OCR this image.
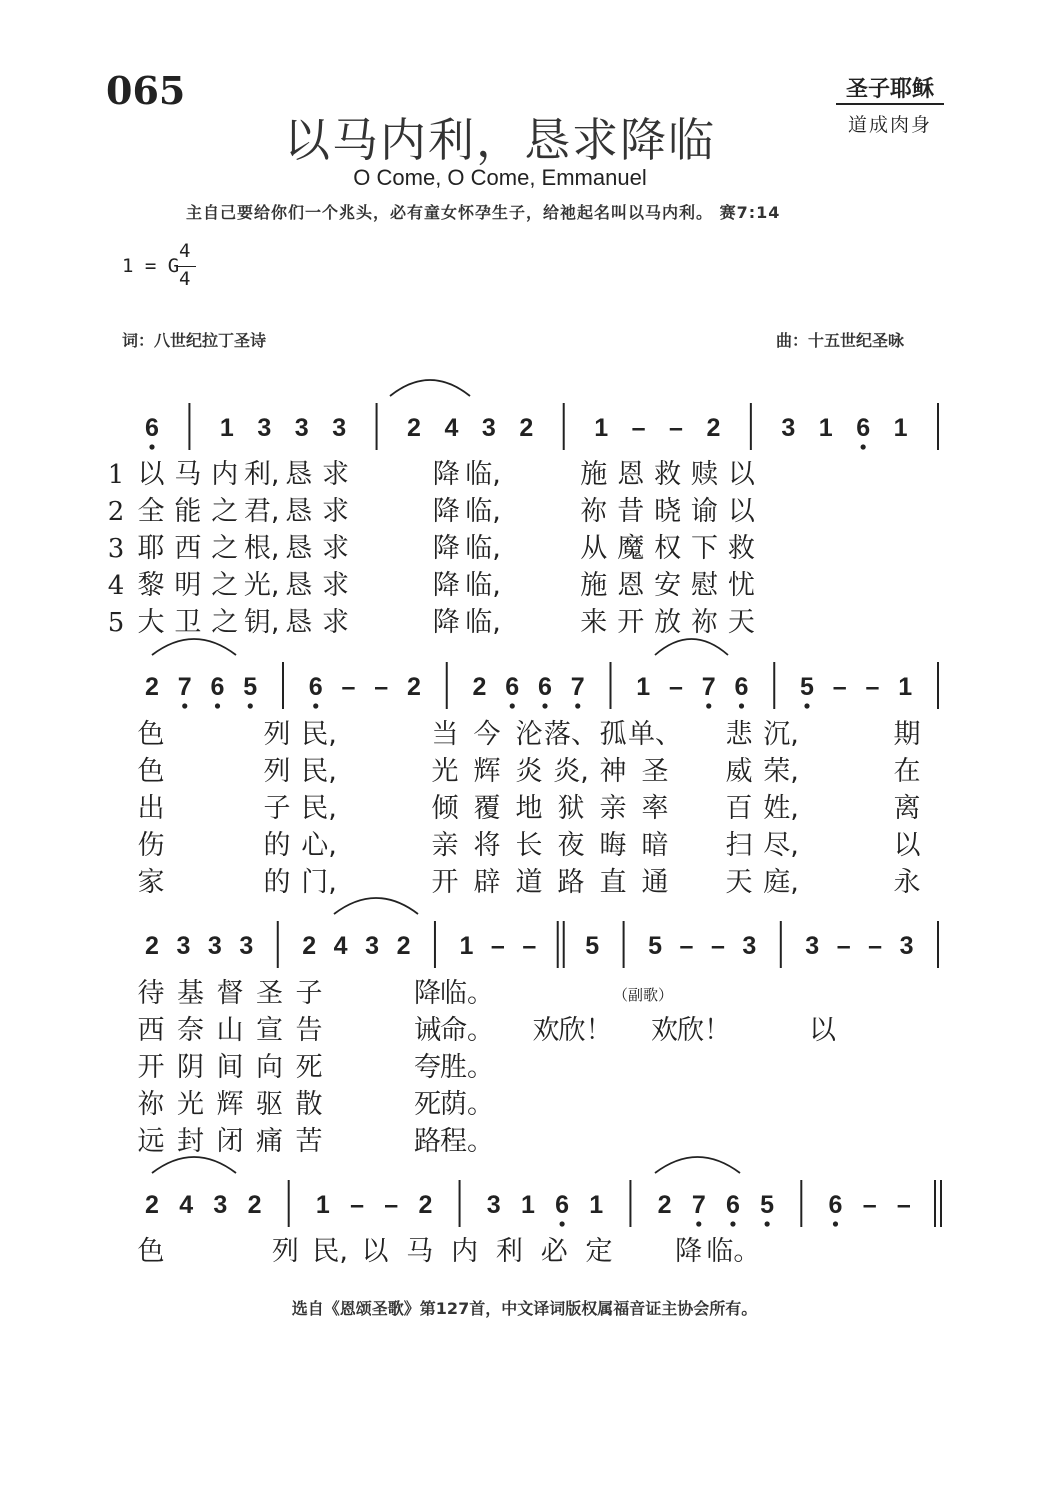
065	圣子耶稣
道成肉身
以马内利，恳求降临
O Come, O Come, Emmanuel
主自己要给你们一个兆头，必有童女怀孕生子，给祂起名叫以马内利。 赛7:14
1 = G
4
4
词：八世纪拉丁圣诗	曲：十五世纪圣咏
6 1 3 3 3 2 4 3 2 1 – – 2 3 1 6 1
1 以 马 内 利, 恳 求	降 临,	施 恩 救 赎 以
2 全 能 之 君, 恳 求	降 临,	祢 昔 晓 谕 以
3 耶 西 之 根, 恳 求	降 临,	从 魔 权 下 救
4 黎 明 之 光, 恳 求	降 临,	施 恩 安 慰 忧
5 大 卫 之 钥, 恳 求	降 临,	来 开 放 祢 天
2 7 6 5 6 – – 2 2 6 6 7 1 – 7 6 5 – – 1
色	列 民,	当 今 沦 落、 孤 单、 悲 沉,	期
色	列 民,	光 辉 炎 炎, 神 圣 威 荣,	在
出	子 民,	倾 覆 地 狱 亲 率 百 姓,	离
伤	的 心,	亲 将 长 夜 晦 暗 扫 尽,	以
家	的 门,	开 辟 道 路 直 通 天 庭,	永
2 3 3 3 2 4 3 2 1 – – 5 5 – – 3 3 – – 3
待 基 督 圣 子	降 临。
西 奈 山 宣 告	诫 命。 欢 欣！ 欢 欣！	以
开 阴 间 向 死	夸 胜。
祢 光 辉 驱 散	死 荫。
远 封 闭 痛 苦	路 程。
2 4 3 2 1 – – 2 3 1 6 1 2 7 6 5 6 – –
色	列 民, 以 马 内 利 必 定 降 临。
（副歌）
选自《恩颂圣歌》第127首，中文译词版权属福音证主协会所有。
